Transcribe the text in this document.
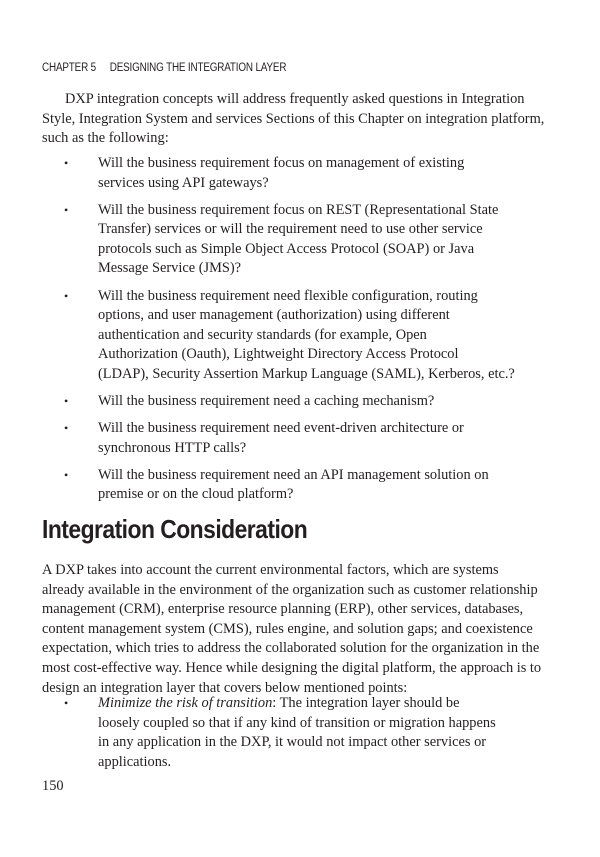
CHAPTER 5 DESIGNING THE INTEGRATION LAYER
DXP integration concepts will address frequently asked questions in Integration
Style, Integration System and services Sections of this Chapter on integration platform,
such as the following:
• Will the business requirement focus on management of existing
services using API gateways?
• Will the business requirement focus on REST (Representational State
Transfer) services or will the requirement need to use other service
protocols such as Simple Object Access Protocol (SOAP) or Java
Message Service (JMS)?
• Will the business requirement need flexible configuration, routing
options, and user management (authorization) using different
authentication and security standards (for example, Open
Authorization (Oauth), Lightweight Directory Access Protocol
(LDAP), Security Assertion Markup Language (SAML), Kerberos, etc.?
• Will the business requirement need a caching mechanism?
• Will the business requirement need event-driven architecture or
synchronous HTTP calls?
• Will the business requirement need an API management solution on
premise or on the cloud platform?
Integration Consideration
A DXP takes into account the current environmental factors, which are systems
already available in the environment of the organization such as customer relationship
management (CRM), enterprise resource planning (ERP), other services, databases,
content management system (CMS), rules engine, and solution gaps; and coexistence
expectation, which tries to address the collaborated solution for the organization in the
most cost-effective way. Hence while designing the digital platform, the approach is to
design an integration layer that covers below mentioned points:
• Minimize the risk of transition: The integration layer should be
loosely coupled so that if any kind of transition or migration happens
in any application in the DXP, it would not impact other services or
applications.
150
